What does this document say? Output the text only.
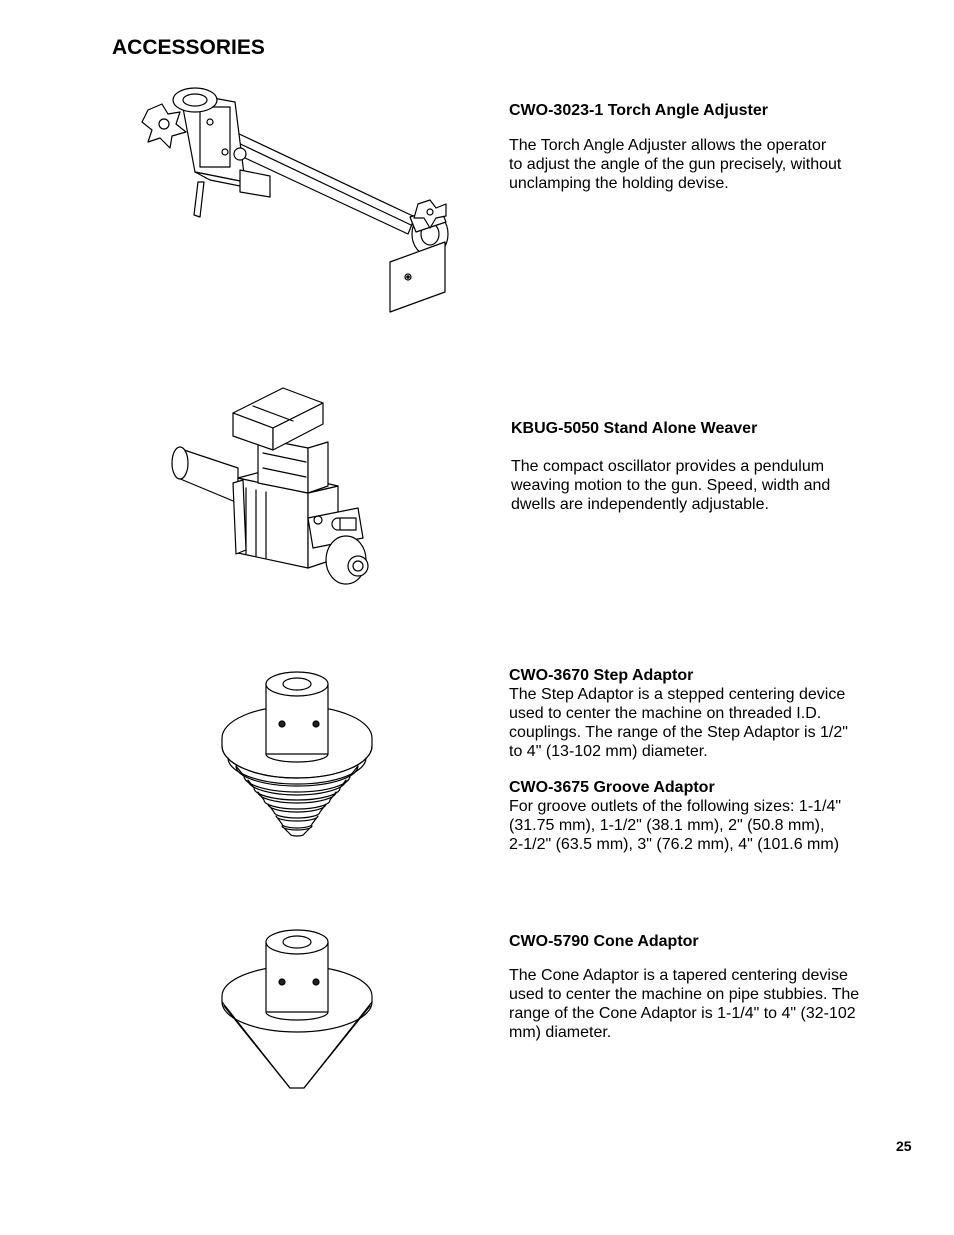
ACCESSORIES
CWO-3023-1 Torch Angle Adjuster

The Torch Angle Adjuster allows the operator

to adjust the angle of the gun precisely, without

unclamping the holding devise.

KBUG-5050 Stand Alone Weaver

The compact oscillator provides a pendulum

weaving motion to the gun. Speed, width and

dwells are independently adjustable.

CWO-3670 Step Adaptor

The Step Adaptor is a stepped centering device

used to center the machine on threaded I.D.

couplings. The range of the Step Adaptor is 1/2"

to 4" (13-102 mm) diameter.

CWO-3675 Groove Adaptor

For groove outlets of the following sizes: 1-1/4"

(31.75 mm), 1-1/2" (38.1 mm), 2" (50.8 mm),

2-1/2" (63.5 mm), 3" (76.2 mm), 4" (101.6 mm)

CWO-5790 Cone Adaptor

The Cone Adaptor is a tapered centering devise

used to center the machine on pipe stubbies. The

range of the Cone Adaptor is 1-1/4" to 4" (32-102

mm) diameter.

25
